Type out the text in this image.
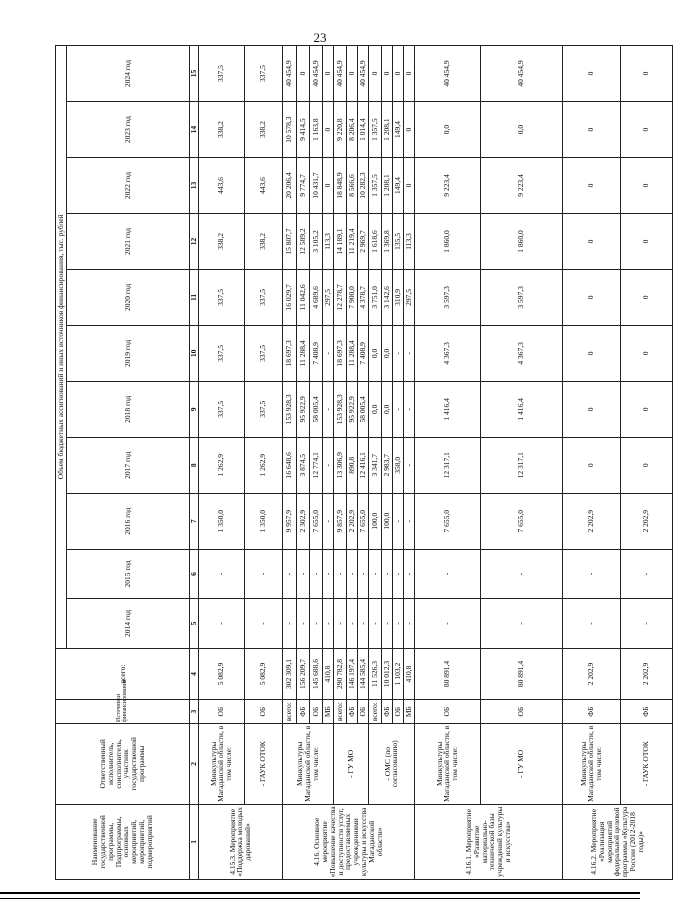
23
Наименование государственной программы, Подпрограммы, основных мероприятий, мероприятий, подмероприятий	Ответственный исполнитель, соисполнитель, участник государственной программы	Источники финансирования	всего:	Объем бюджетных ассигнований и иных источников финансирования, тыс. рублей										
				2014 год	2015 год	2016 год	2017 год	2018 год	2019 год	2020 год	2021 год	2022 год	2023 год	2024 год
1	2	3	4	5	6	7	8	9	10	11	12	13	14	15
4.15.3. Мероприятие «Поддержка молодых дарований»	Минкультуры Магаданской области, в том числе:	ОБ	5 082,9	-	-	1 350,0	1 262,9	337,5	337,5	337,5	338,2	443,6	338,2	337,5
	- ГАУК ОТОК	ОБ	5 082,9	-	-	1 350,0	1 262,9	337,5	337,5	337,5	338,2	443,6	338,2	337,5
4.16. Основное мероприятие «Повышение качества и доступности услуг, предоставляемых учреждениями культуры и искусства Магаданской области»	Минкультуры Магаданской области, в том числе:	всего:	302 309,1	-	-	9 957,9	16 648,6	153 928,3	18 697,3	16 029,7	15 807,7	20 206,4	10 578,3	40 454,9
		ФБ	156 209,7	-	-	2 302,9	3 874,5	95 922,9	11 288,4	11 042,6	12 589,2	9 774,7	9 414,5	0
		ОБ	145 688,6	-	-	7 655,0	12 774,1	58 005,4	7 408,9	4 689,6	3 105,2	10 431,7	1 163,8	40 454,9
		МБ	410,8	-	-	-	-	-	-	297,5	113,3	0	0	0
	- ГУ МО	всего:	290 782,8	-	-	9 857,9	13 306,9	153 928,3	18 697,3	12 278,7	14 189,1	18 848,9	9 220,8	40 454,9
		ФБ	146 197,4	-	-	2 202,9	890,8	95 922,9	11 288,4	7 900,0	11 219,4	8 566,6	8 206,4	0
		ОБ	144 585,4	-	-	7 655,0	12 416,1	58 005,4	7 408,9	4 378,7	2 969,7	10 282,3	1 014,4	40 454,9
	- ОМС (по согласованию)	всего:	11 526,3	-	-	100,0	3 341,7	0,0	0,0	3 751,0	1 618,6	1 357,5	1 357,5	0
		ФБ	10 012,3	-	-	100,0	2 983,7	0,0	0,0	3 142,6	1 369,8	1 208,1	1 208,1	0
		ОБ	1 103,2	-	-	-	358,0	-	-	310,9	135,5	149,4	149,4	0
		МБ	410,8	-	-	-	-	-	-	297,5	113,3	0	0	0
4.16.1. Мероприятие «Развитие материально-технической базы учреждений культуры и искусства»	Минкультуры Магаданской области, в том числе:	ОБ	80 891,4	-	-	7 655,0	12 317,1	1 416,4	4 367,3	3 597,3	1 860,0	9 223,4	0,0	40 454,9
	- ГУ МО	ОБ	80 891,4	-	-	7 655,0	12 317,1	1 416,4	4 367,3	3 597,3	1 860,0	9 223,4	0,0	40 454,9
4.16.2. Мероприятие «Реализация мероприятий федеральной целевой программы «Культура России (2012-2018 годы)»	Минкультуры Магаданской области, в том числе:	ФБ	2 202,9	-	-	2 202,9	0	0	0	0	0	0	0	0
	- ГАУК ОТОК	ФБ	2 202,9	-	-	2 202,9	0	0	0	0	0	0	0	0
